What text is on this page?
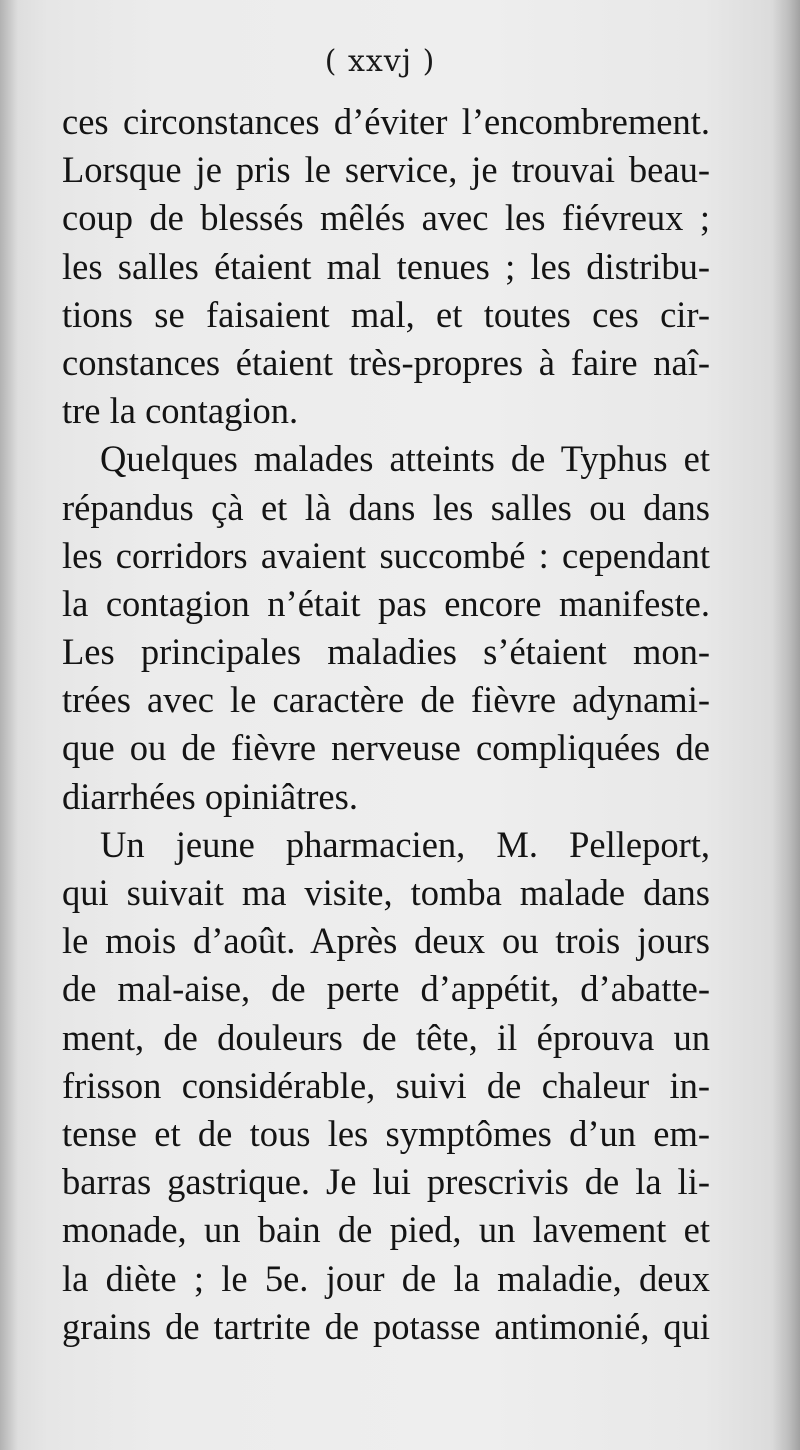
( xxvj )
ces circonstances d’éviter l’encombrement.
Lorsque je pris le service, je trouvai beau-
coup de blessés mêlés avec les fiévreux ;
les salles étaient mal tenues ; les distribu-
tions se faisaient mal, et toutes ces cir-
constances étaient très-propres à faire naî-
tre la contagion.
Quelques malades atteints de Typhus et
répandus çà et là dans les salles ou dans
les corridors avaient succombé : cependant
la contagion n’était pas encore manifeste.
Les principales maladies s’étaient mon-
trées avec le caractère de fièvre adynami-
que ou de fièvre nerveuse compliquées de
diarrhées opiniâtres.
Un jeune pharmacien, M. Pelleport,
qui suivait ma visite, tomba malade dans
le mois d’août. Après deux ou trois jours
de mal-aise, de perte d’appétit, d’abatte-
ment, de douleurs de tête, il éprouva un
frisson considérable, suivi de chaleur in-
tense et de tous les symptômes d’un em-
barras gastrique. Je lui prescrivis de la li-
monade, un bain de pied, un lavement et
la diète ; le 5e. jour de la maladie, deux
grains de tartrite de potasse antimonié, qui
